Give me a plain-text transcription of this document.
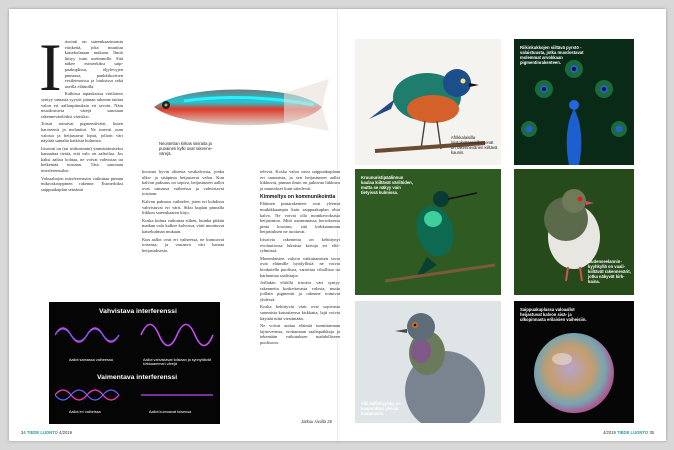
I risointi on sateenkaarimaista värikettä, joka muuttuu katsekulmaan mukaan. Ilmiö liittyy tuttu useimmille. Sitä näkee esimerkiksi saippuakuplissa, öljylevyjen pinnassa, pankkikorttien vesileimoissa ja hiuksissa sekä useilla eläimillä.

Kalkissa tapauksissa värilointo syntyy samasta syystä: pinnan rakenne taittaa valon eri aallonpituuksia eri tavoin. Näin muodostuvia värejä sanotaan rakennevärilöiksi värisiksi.

Toisin toimivat pigmenttivärit, kuten karoteenit ja melaniini. Ne imevät osan valosta ja heijastavat loput, jolloin väri näyttää samalta kaikista kulmista.

Irisointi on (tai iridisoinnin) ymmärtämiseksi kannattaa tietää, että valo on aaltoilua. Jos kaksi aaltoa kohtaa, ne voivat vahvistaa tai heikentää toisiaan. Tätä sanotaan interferenssiksi.

Valoaaltojen interferenssiin vaikuttaa pinnan mikroskooppinen rakenne. Esimerkiksi saippuakuplan seinämä

Neontetran kirkas siniraita ja punainen kylki ovat rakennevärejä.

koostuu hyvin ohuesta vesikalvosta, jonka ulko- ja sisäpinta heijastavat valoa. Kun kalvon paksuus on sopiva, heijastuneet aallot ovat samassa vaiheessa ja vahvistavat toisiaan.

Kalvon paksuus vaihtelee, joten eri kohdissa vahvistuvat eri värit. Siksi kuplan pinnalla liikkuu sateenkaaren kirjo.

Koska kulma vaikuttaa siihen, kuinka pitkän matkan valo kulkee kalvossa, värit muuttuvat katsekulman mukaan.

Kun aallot ovat eri vaiheessa, ne kumoavat toisensa, ja vastaava väri katoaa heijastuksesta.

Vahvistava interferenssi
Aallot samassa vaiheessa	Aallot vahvistavat toisiaan ja synnyttävät kirkkaamman värejä
Vaimentava interferenssi
Aallot eri vaiheissa	Aallot kumoavat toisensa
34 TIEDE LUONTO 4/2019
Afrikkalaisilla loistokottaraisilla nenät on rakennevärien kiiltävä kaunis.
Riikinkukkojen siiltävä pyrstö valaistuusta, jotka muodostavat molemmat arvokkaan pigmentinrakenteen.
Kruunuristipäälinnun kaulaa kiiltävät värilöiden, mutta se näkyy vain tietyissä kulmissa.
Uudenseelanninkyyhkyllä on vaalikiiltävät rakennevärit, jotka näkyvät kirkkaina.

televat. Koska valoa osuu saippuakuplaan eri suunnista, ja sen heijastuneet aallot liikkuvat, pinnan ilmiö on jatkuvaa liikkuva ja muutokset kuin säteilevät.

Kimmeltys on kommunikointia

Eläinten pintarakenteet ovat yleensä mutkikkaampia kuin saippuakuplan ohut kalvo. Ne voivat olla monikerroksisia heijastimia. Mitä useammassa kerroksessa pinta koostuu, sitä kirkkaamman heijastuksen ne tuottavat.

Irisoivia rakenteita on kehittynyt evoluutiossa lukuisia kertoja eri eliöryhmissä.

Monenlaisten valoon vaikuttamisen tavat ovat eläimille hyödyllisiä: ne voivat houkutella puolisoa, varoittaa vihollisia tai harhauttaa saalistajia.

Joillakin eliöillä irisoiva väri syntyy rakennetta koskettavasta valosta, mutta joillain pigmentit ja rakenne toimivat yhdessä.

Koska kehittyvät värit ovat sopivasta suunnista katsottaessa kirkkaita, lajit voivat käyttää niitä viestintään.

Ne voivat auttaa eläimiä tunnistamaan lajitoverinsa, erottamaan saalispaikkoja ja tekemään vaikutuksen mahdolliseen puolisoon.

Jatkuu sivulla 26
Villi kalliokyyhky on kaupunkien yleisin kumpuvalo.
Saippuakuplassa valoaallot heijastuvat kalvon sisä- ja ulkopinnasta erilaisien vaiheisiin.
4/2019 TIEDE LUONTO 35
